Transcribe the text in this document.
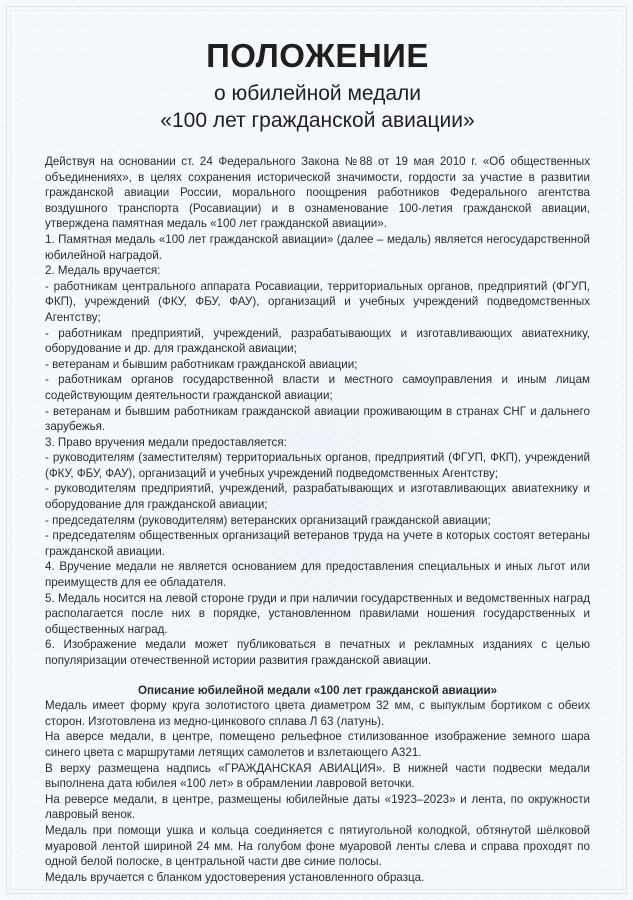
ПОЛОЖЕНИЕ

о юбилейной медали

«100 лет гражданской авиации»

Действуя на основании ст. 24 Федерального Закона №88 от 19 мая 2010 г. «Об общественных объединениях», в целях сохранения исторической значимости, гордости за участие в развитии гражданской авиации России, морального поощрения работников Федерального агентства воздушного транспорта (Росавиации) и в ознаменование 100-летия гражданской авиации, утверждена памятная медаль «100 лет гражданской авиации».

1. Памятная медаль «100 лет гражданской авиации» (далее – медаль) является негосударственной юбилейной наградой.

2. Медаль вручается:

- работникам центрального аппарата Росавиации, территориальных органов, предприятий (ФГУП, ФКП), учреждений (ФКУ, ФБУ, ФАУ), организаций и учебных учреждений подведомственных Агентству;

- работникам предприятий, учреждений, разрабатывающих и изготавливающих авиатехнику, оборудование и др. для гражданской авиации;

- ветеранам и бывшим работникам гражданской авиации;

- работникам органов государственной власти и местного самоуправления и иным лицам содействующим деятельности гражданской авиации;

- ветеранам и бывшим работникам гражданской авиации проживающим в странах СНГ и дальнего зарубежья.

3. Право вручения медали предоставляется:

- руководителям (заместителям) территориальных органов, предприятий (ФГУП, ФКП), учреждений (ФКУ, ФБУ, ФАУ), организаций и учебных учреждений подведомственных Агентству;

- руководителям предприятий, учреждений, разрабатывающих и изготавливающих авиатехнику и оборудование для гражданской авиации;

- председателям (руководителям) ветеранских организаций гражданской авиации;

- председателям общественных организаций ветеранов труда на учете в которых состоят ветераны гражданской авиации.

4. Вручение медали не является основанием для предоставления специальных и иных льгот или преимуществ для ее обладателя.

5. Медаль носится на левой стороне груди и при наличии государственных и ведомственных наград располагается после них в порядке, установленном правилами ношения государственных и общественных наград.

6. Изображение медали может публиковаться в печатных и рекламных изданиях с целью популяризации отечественной истории развития гражданской авиации.

Описание юбилейной медали «100 лет гражданской авиации»

Медаль имеет форму круга золотистого цвета диаметром 32 мм, с выпуклым бортиком с обеих сторон. Изготовлена из медно-цинкового сплава Л 63 (латунь).

На аверсе медали, в центре, помещено рельефное стилизованное изображение земного шара синего цвета с маршрутами летящих самолетов и взлетающего А321.

В верху размещена надпись «ГРАЖДАНСКАЯ АВИАЦИЯ». В нижней части подвески медали выполнена дата юбилея «100 лет» в обрамлении лавровой веточки.

На реверсе медали, в центре, размещены юбилейные даты «1923–2023» и лента, по окружности лавровый венок.

Медаль при помощи ушка и кольца соединяется с пятиугольной колодкой, обтянутой шёлковой муаровой лентой шириной 24 мм. На голубом фоне муаровой ленты слева и справа проходят по одной белой полоске, в центральной части две синие полосы.

Медаль вручается с бланком удостоверения установленного образца.
